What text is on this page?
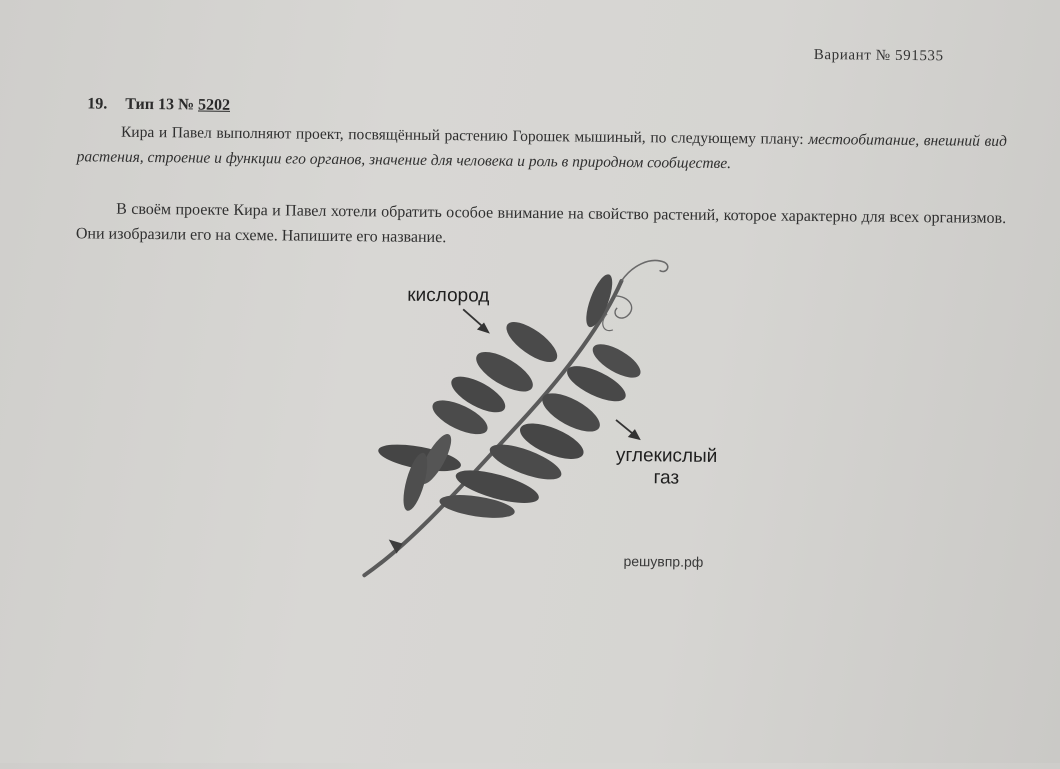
Вариант № 591535
19. Тип 13 № 5202
Кира и Павел выполняют проект, посвящённый растению Горошек мышиный, по следующему плану: местообитание, внешний вид растения, строение и функции его органов, значение для человека и роль в природном сообществе.
В своём проекте Кира и Павел хотели обратить особое внимание на свойство растений, которое характерно для всех организмов. Они изобразили его на схеме. Напишите его название.
кислород
углекислый
газ
решувпр.рф
